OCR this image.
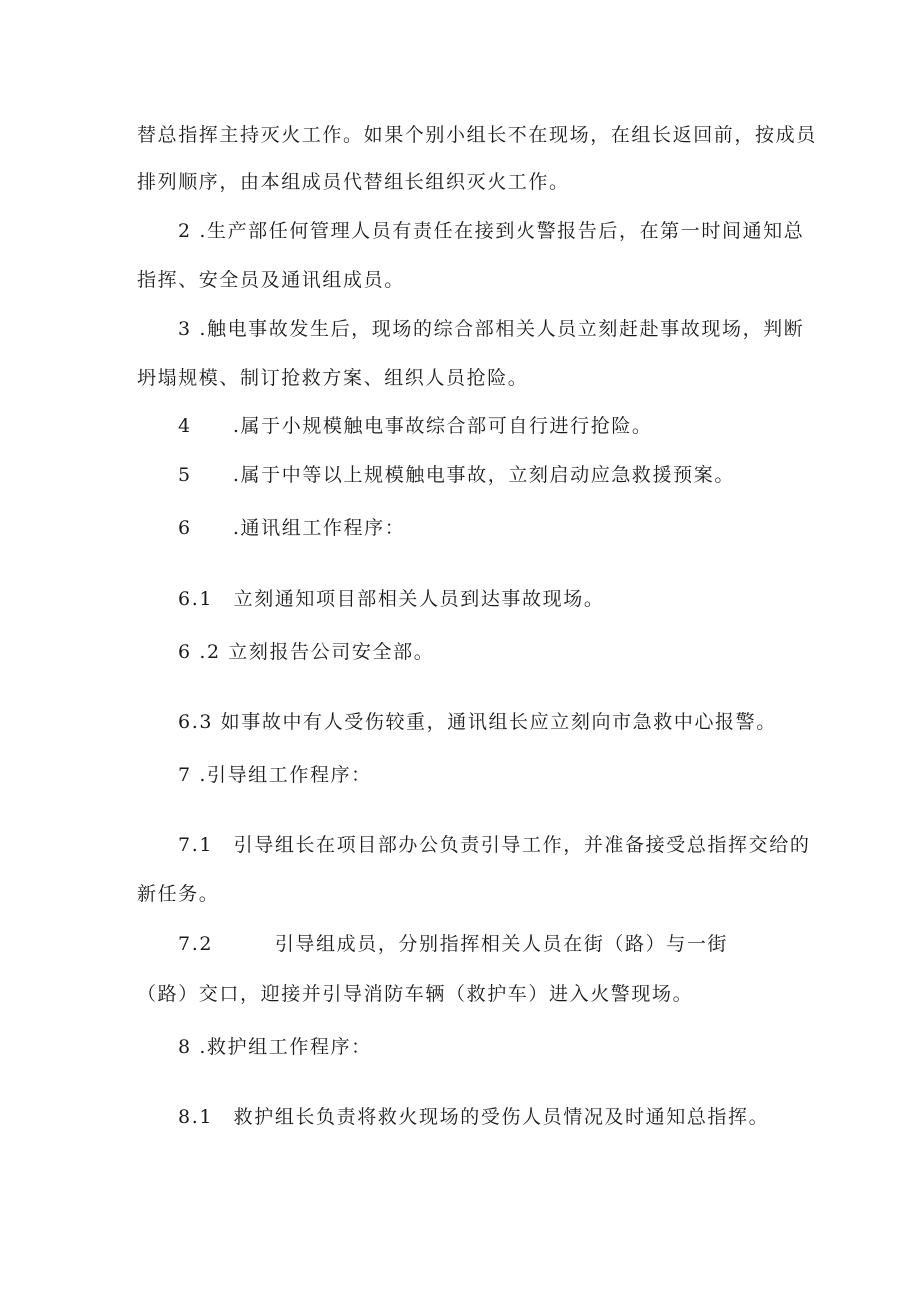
替总指挥主持灭火工作。如果个别小组长不在现场，在组长返回前，按成员
排列顺序，由本组成员代替组长组织灭火工作。
2 .生产部任何管理人员有责任在接到火警报告后，在第一时间通知总
指挥、安全员及通讯组成员。
3 .触电事故发生后，现场的综合部相关人员立刻赶赴事故现场，判断
坍塌规模、制订抢救方案、组织人员抢险。
4　　.属于小规模触电事故综合部可自行进行抢险。
5　　.属于中等以上规模触电事故，立刻启动应急救援预案。
6　　.通讯组工作程序：
6.1　立刻通知项目部相关人员到达事故现场。
6 .2 立刻报告公司安全部。
6.3 如事故中有人受伤较重，通讯组长应立刻向市急救中心报警。
7 .引导组工作程序：
7.1　引导组长在项目部办公负责引导工作，并准备接受总指挥交给的
新任务。
7.2　　　引导组成员，分别指挥相关人员在街（路）与一街
（路）交口，迎接并引导消防车辆（救护车）进入火警现场。
8 .救护组工作程序：
8.1　救护组长负责将救火现场的受伤人员情况及时通知总指挥。
